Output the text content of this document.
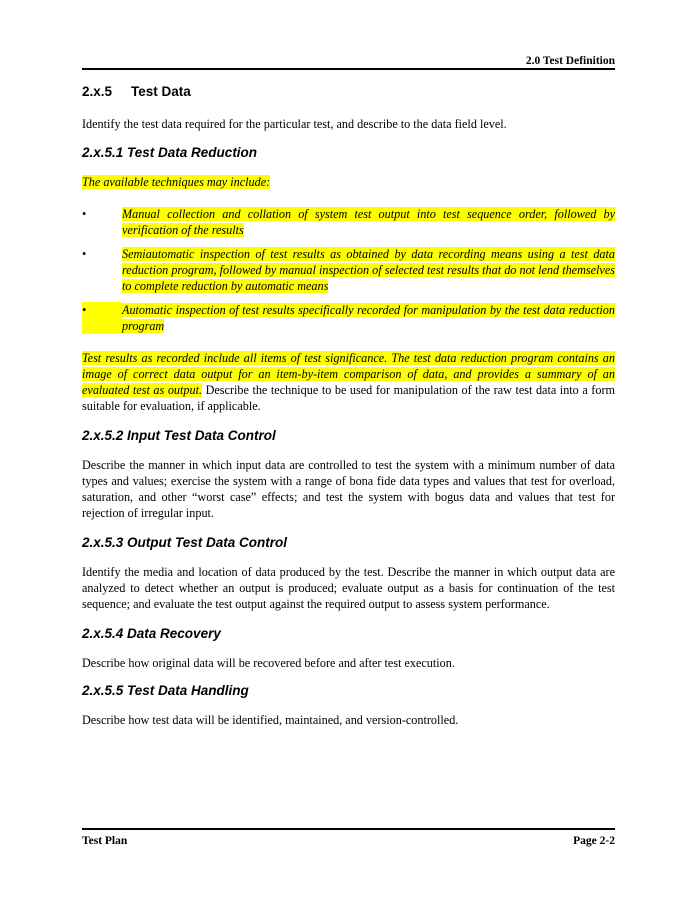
2.0 Test Definition
2.x.5	Test Data

Identify the test data required for the particular test, and describe to the data field level.

2.x.5.1 Test Data Reduction

The available techniques may include:

•	Manual collection and collation of system test output into test sequence order, followed by verification of the results
•	Semiautomatic inspection of test results as obtained by data recording means using a test data reduction program, followed by manual inspection of selected test results that do not lend themselves to complete reduction by automatic means
•	Automatic inspection of test results specifically recorded for manipulation by the test data reduction program

Test results as recorded include all items of test significance. The test data reduction program contains an image of correct data output for an item-by-item comparison of data, and provides a summary of an evaluated test as output. Describe the technique to be used for manipulation of the raw test data into a form suitable for evaluation, if applicable.

2.x.5.2 Input Test Data Control

Describe the manner in which input data are controlled to test the system with a minimum number of data types and values; exercise the system with a range of bona fide data types and values that test for overload, saturation, and other “worst case” effects; and test the system with bogus data and values that test for rejection of irregular input.

2.x.5.3 Output Test Data Control

Identify the media and location of data produced by the test. Describe the manner in which output data are analyzed to detect whether an output is produced; evaluate output as a basis for continuation of the test sequence; and evaluate the test output against the required output to assess system performance.

2.x.5.4 Data Recovery

Describe how original data will be recovered before and after test execution.

2.x.5.5 Test Data Handling

Describe how test data will be identified, maintained, and version-controlled.

Test Plan	Page 2-2
